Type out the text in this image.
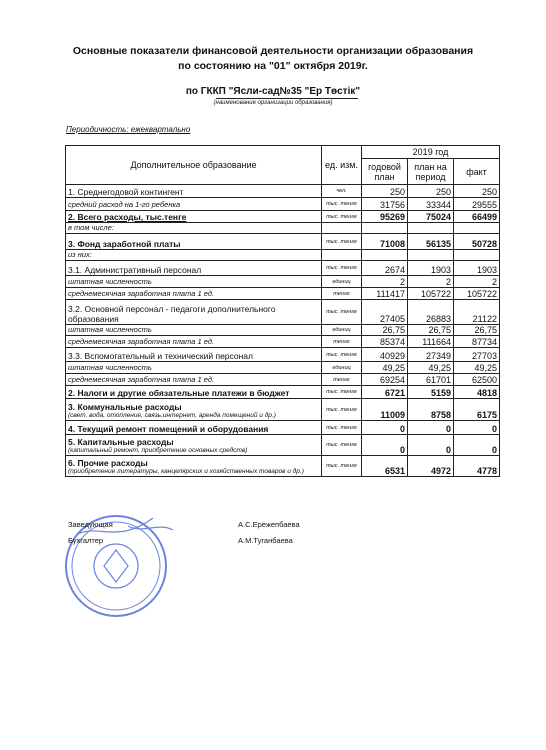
Основные показатели финансовой деятельности организации образования
по состоянию на "01" октября 2019г.
по ГККП "Ясли-сад№35 "Ер Төстік"
(наименование организации образования)
Периодичность: ежеквартально
Дополнительное образование	ед. изм.	2019 год		
		годовой план	план на период	факт
1. Среднегодовой контингент	чел.	250	250	250
средний расход на 1-го ребенка	тыс. тенге	31756	33344	29555
2. Всего расходы, тыс.тенге	тыс. тенге	95269	75024	66499
в том числе:				
3. Фонд заработной платы	тыс. тенге	71008	56135	50728
из них:				
3.1. Административный персонал	тыс. тенге	2674	1903	1903
штатная численность	единиц	2	2	2
среднемесячная заработная плата 1 ед.	тенге	111417	105722	105722
3.2. Основной персонал - педагоги дополнительного образования	тыс. тенге	27405	26883	21122
штатная численность	единиц	26,75	26,75	26,75
среднемесячная заработная плата 1 ед.	тенге	85374	111664	87734
3.3. Вспомогательный и технический персонал	тыс. тенге	40929	27349	27703
штатная численность	единиц	49,25	49,25	49,25
среднемесячная заработная плата 1 ед.	тенге	69254	61701	62500
2. Налоги и другие обязательные платежи в бюджет	тыс. тенге	6721	5159	4818
3. Коммунальные расходы
(свет, вода, отопление, связь,интернет, аренда помещений и др.)	тыс. тенге	11009	8758	6175
4. Текущий ремонт помещений и оборудования	тыс. тенге	0	0	0
5. Капитальные расходы
(капитальный ремонт, приобретение основных средств)	тыс. тенге	0	0	0
6. Прочие расходы
(приобретение литературы, канцелярских и хозяйственных товаров и др.)	тыс. тенге	6531	4972	4778
Заведующая	А.С.Ережепбаева
Бухгалтер	А.М.Туганбаева
